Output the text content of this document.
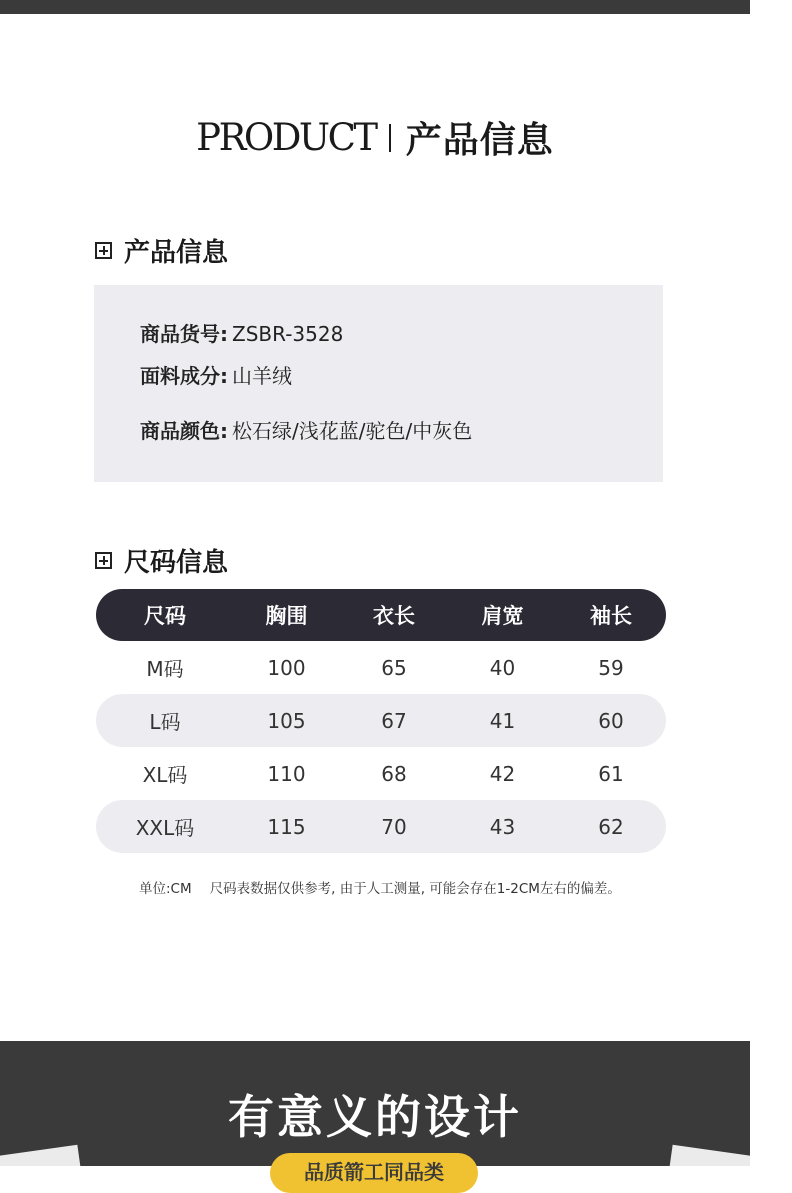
PRODUCT 产品信息
产品信息
商品货号: ZSBR-3528
面料成分: 山羊绒
商品颜色: 松石绿/浅花蓝/驼色/中灰色
尺码信息
尺码	胸围	衣长	肩宽	袖长
M码	100	65	40	59
L码	105	67	41	60
XL码	110	68	42	61
XXL码	115	70	43	62
单位:CM 尺码表数据仅供参考, 由于人工测量, 可能会存在1-2CM左右的偏差。
有意义的设计
品质箭工同品类
